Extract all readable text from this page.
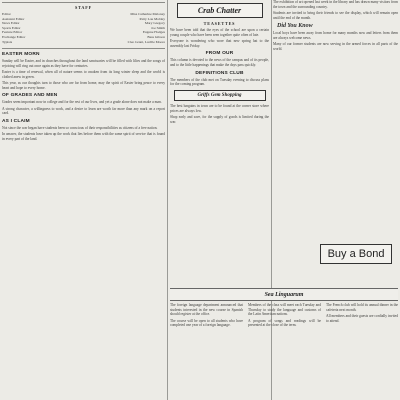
STAFF
Editor	Miss Catherine Maloney
Assistant Editor	Patty Lou Mobley
News Editor	Mary Gregory
Sports Editor	Joe Smith
Feature Editor	Eugene Hodges
Exchange Editor	Bess Gibson
Typists	Cleo Grant, Lucille Moore
EASTER MORN

Sunday will be Easter, and in churches throughout the land sanctuaries will be filled with lilies and the songs of rejoicing will ring out once again as they have for centuries.

Easter is a time of renewal, when all of nature seems to awaken from its long winter sleep and the world is clothed anew in green.

This year, as our thoughts turn to those who are far from home, may the spirit of Easter bring peace to every heart and hope to every home.

OF GRADES AND MEN

Grades seem important now in college and for the rest of our lives, and yet a grade alone does not make a man.

A strong character, a willingness to work, and a desire to learn are worth far more than any mark on a report card.

AS I CLAIM

Not since the war began have students been so conscious of their responsibilities as citizens of a free nation.

In answer, the students have taken up the work that lies before them with the same spirit of service that is found in every part of the land.

Crab Chatter
TEASETTES

We have been told that the eyes of the school are upon a certain young couple who have been seen together quite often of late.

Everyone is wondering who wore that new spring hat to the assembly last Friday.

FROM OUR

This column is devoted to the news of the campus and of its people, and to the little happenings that make the days pass quickly.

DEFINITIONS CLUB

The members of the club met on Tuesday evening to discuss plans for the coming program.

Griffs Gem Shopping

The best bargains in town are to be found at the corner store where prices are always low.

Shop early and save, for the supply of goods is limited during the war.

The exhibition of art opened last week in the library and has drawn many visitors from the town and the surrounding country.

Students are invited to bring their friends to see the display, which will remain open until the end of the month.

Did You Know

Local boys have been away from home for many months now and letters from them are always welcome news.

Many of our former students are now serving in the armed forces in all parts of the world.

Buy a Bond
Sea Linguarum

The foreign language department announced that students interested in the new course in Spanish should register at the office.

The course will be open to all students who have completed one year of a foreign language.

Members of the class will meet each Tuesday and Thursday to study the language and customs of the Latin American nations.

A program of songs and readings will be presented at the close of the term.

The French club will hold its annual dinner in the cafeteria next month.

All members and their guests are cordially invited to attend.
